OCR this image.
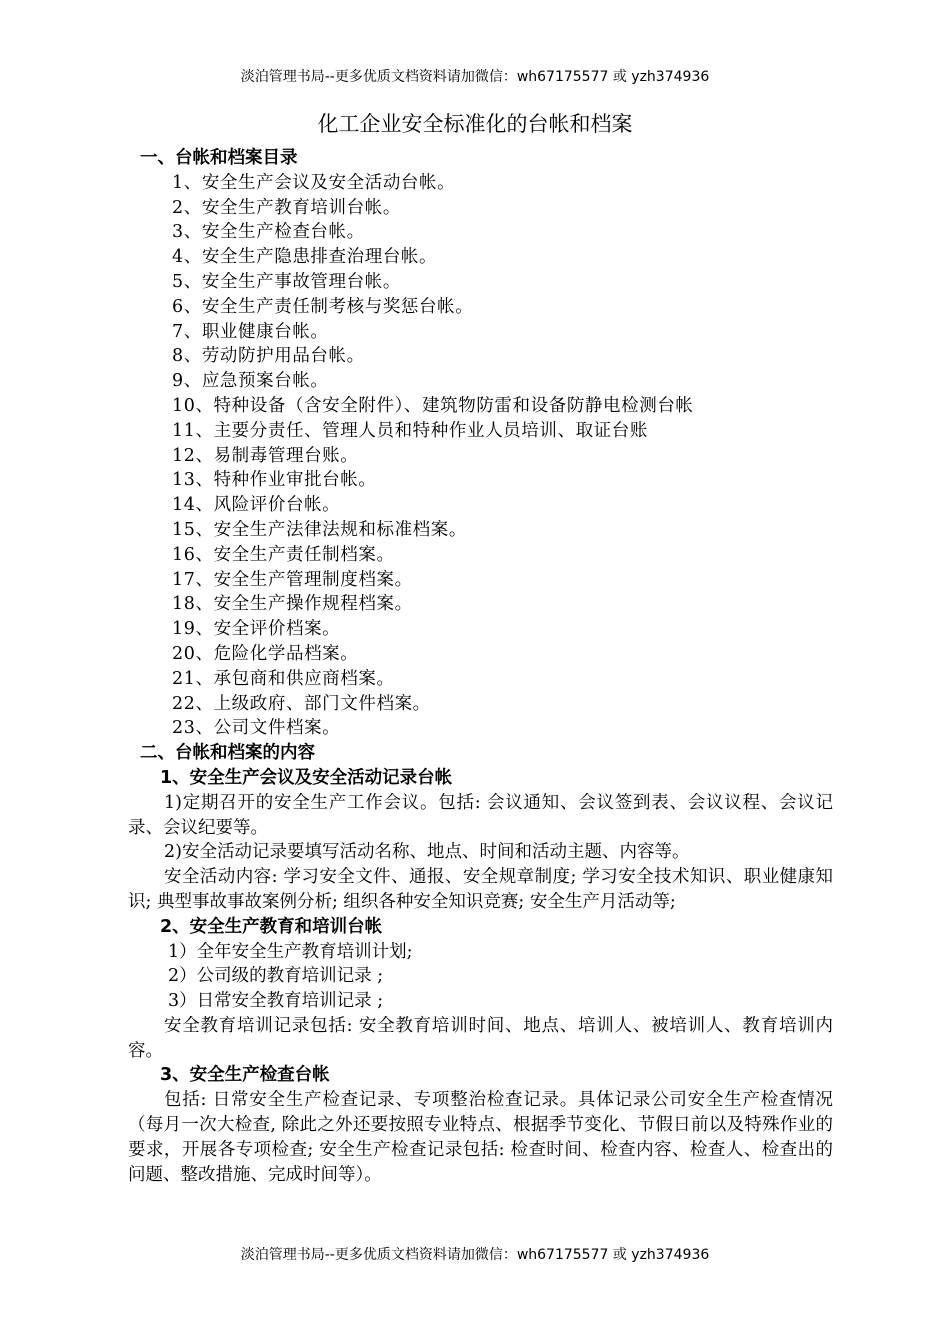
淡泊管理书局--更多优质文档资料请加微信：wh67175577 或 yzh374936
化工企业安全标准化的台帐和档案
一、台帐和档案目录
1、安全生产会议及安全活动台帐。
2、安全生产教育培训台帐。
3、安全生产检查台帐。
4、安全生产隐患排查治理台帐。
5、安全生产事故管理台帐。
6、安全生产责任制考核与奖惩台帐。
7、职业健康台帐。
8、劳动防护用品台帐。
9、应急预案台帐。
10、特种设备（含安全附件）、建筑物防雷和设备防静电检测台帐
11、主要分责任、管理人员和特种作业人员培训、取证台账
12、易制毒管理台账。
13、特种作业审批台帐。
14、风险评价台帐。
15、安全生产法律法规和标准档案。
16、安全生产责任制档案。
17、安全生产管理制度档案。
18、安全生产操作规程档案。
19、安全评价档案。
20、危险化学品档案。
21、承包商和供应商档案。
22、上级政府、部门文件档案。
23、公司文件档案。
二、台帐和档案的内容
1、安全生产会议及安全活动记录台帐
1)定期召开的安全生产工作会议。包括: 会议通知、会议签到表、会议议程、会议记录、会议纪要等。
2)安全活动记录要填写活动名称、地点、时间和活动主题、内容等。
安全活动内容: 学习安全文件、通报、安全规章制度; 学习安全技术知识、职业健康知识; 典型事故事故案例分析; 组织各种安全知识竞赛; 安全生产月活动等;
2、安全生产教育和培训台帐
1）全年安全生产教育培训计划;
2）公司级的教育培训记录 ;
3）日常安全教育培训记录 ;
安全教育培训记录包括: 安全教育培训时间、地点、培训人、被培训人、教育培训内容。
3、安全生产检查台帐
包括: 日常安全生产检查记录、专项整治检查记录。具体记录公司安全生产检查情况（每月一次大检查, 除此之外还要按照专业特点、根据季节变化、节假日前以及特殊作业的要求，开展各专项检查; 安全生产检查记录包括: 检查时间、检查内容、检查人、检查出的问题、整改措施、完成时间等）。
淡泊管理书局--更多优质文档资料请加微信：wh67175577 或 yzh374936
